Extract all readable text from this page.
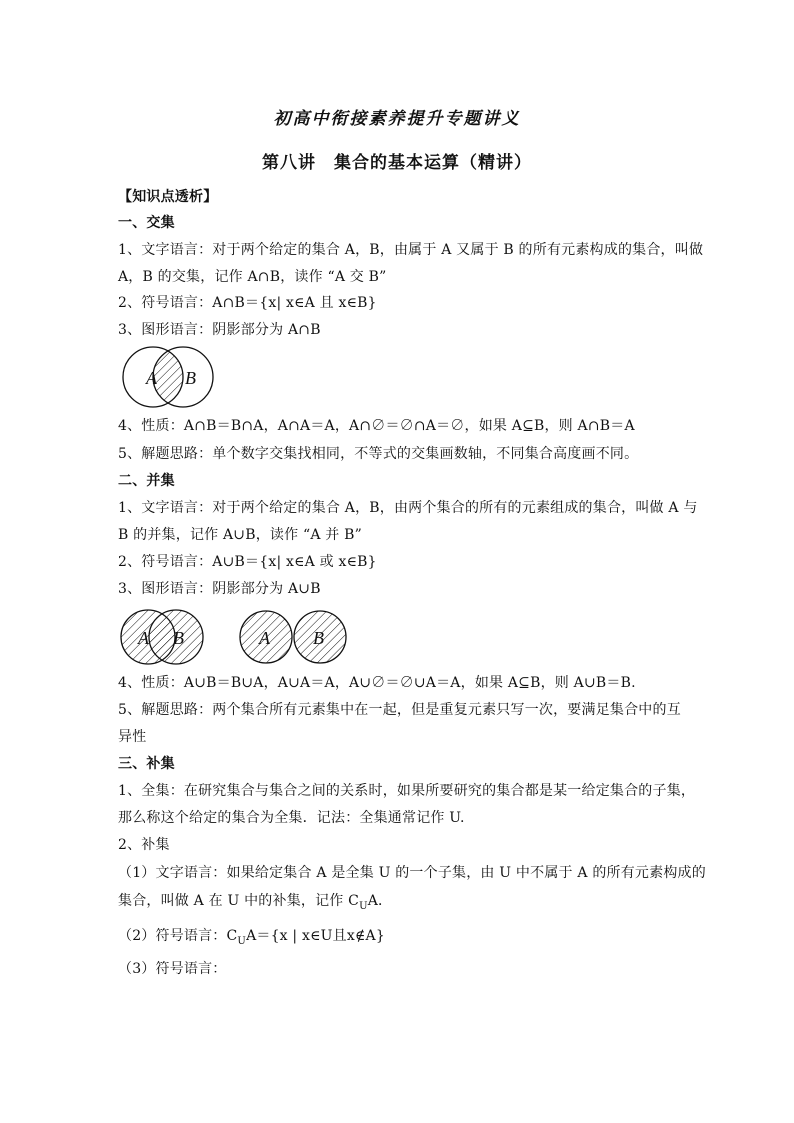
初高中衔接素养提升专题讲义
第八讲　集合的基本运算（精讲）
【知识点透析】
一、交集
1、文字语言：对于两个给定的集合 A，B，由属于 A 又属于 B 的所有元素构成的集合，叫做
A，B 的交集，记作 A∩B，读作 “A 交 B”
2、符号语言：A∩B＝{x| x∈A 且 x∈B}
3、图形语言：阴影部分为 A∩B
A B
4、性质：A∩B＝B∩A，A∩A＝A，A∩∅＝∅∩A＝∅，如果 A⊆B，则 A∩B＝A
5、解题思路：单个数字交集找相同，不等式的交集画数轴，不同集合高度画不同。
二、并集
1、文字语言：对于两个给定的集合 A，B，由两个集合的所有的元素组成的集合，叫做 A 与
B 的并集，记作 A∪B，读作 “A 并 B”
2、符号语言：A∪B＝{x| x∈A 或 x∈B}
3、图形语言：阴影部分为 A∪B
A B	A B
4、性质：A∪B＝B∪A，A∪A＝A，A∪∅＝∅∪A＝A，如果 A⊆B，则 A∪B＝B.
5、解题思路：两个集合所有元素集中在一起，但是重复元素只写一次，要满足集合中的互
异性
三、补集
1、全集：在研究集合与集合之间的关系时，如果所要研究的集合都是某一给定集合的子集，
那么称这个给定的集合为全集．记法：全集通常记作 U.
2、补集
（1）文字语言：如果给定集合 A 是全集 U 的一个子集，由 U 中不属于 A 的所有元素构成的
集合，叫做 A 在 U 中的补集，记作 $C_UA$．
（2）符号语言：$C_UA=\{x$ | x∈U且x∉A}
（3）符号语言：
